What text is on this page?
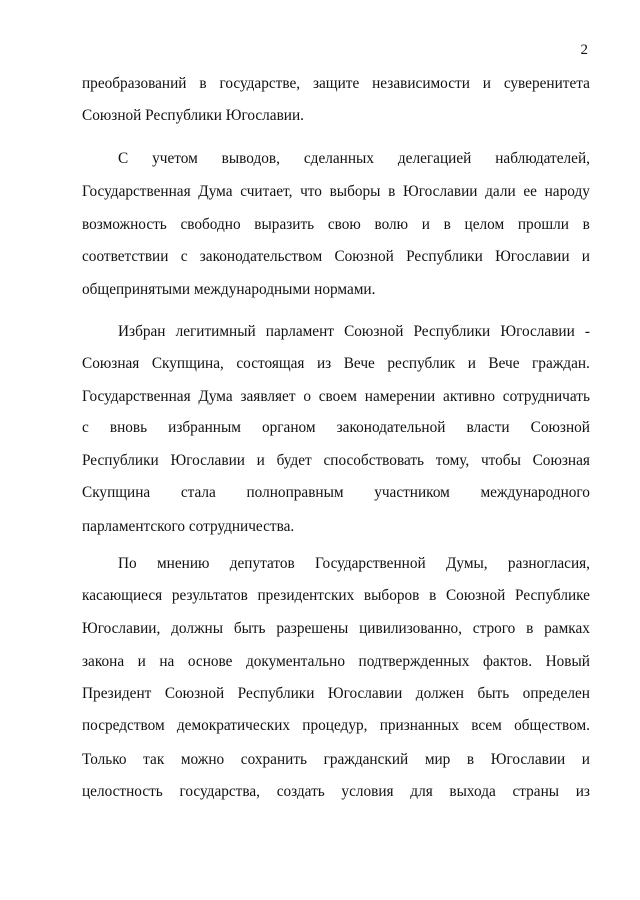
2
преобразований в государстве, защите независимости и суверенитета
Союзной Республики Югославии.
С учетом выводов, сделанных делегацией наблюдателей,
Государственная Дума считает, что выборы в Югославии дали ее народу
возможность свободно выразить свою волю и в целом прошли в
соответствии с законодательством Союзной Республики Югославии и
общепринятыми международными нормами.
Избран легитимный парламент Союзной Республики Югославии -
Союзная Скупщина, состоящая из Вече республик и Вече граждан.
Государственная Дума заявляет о своем намерении активно сотрудничать
с вновь избранным органом законодательной власти Союзной
Республики Югославии и будет способствовать тому, чтобы Союзная
Скупщина стала полноправным участником международного
парламентского сотрудничества.
По мнению депутатов Государственной Думы, разногласия,
касающиеся результатов президентских выборов в Союзной Республике
Югославии, должны быть разрешены цивилизованно, строго в рамках
закона и на основе документально подтвержденных фактов. Новый
Президент Союзной Республики Югославии должен быть определен
посредством демократических процедур, признанных всем обществом.
Только так можно сохранить гражданский мир в Югославии и
целостность государства, создать условия для выхода страны из
